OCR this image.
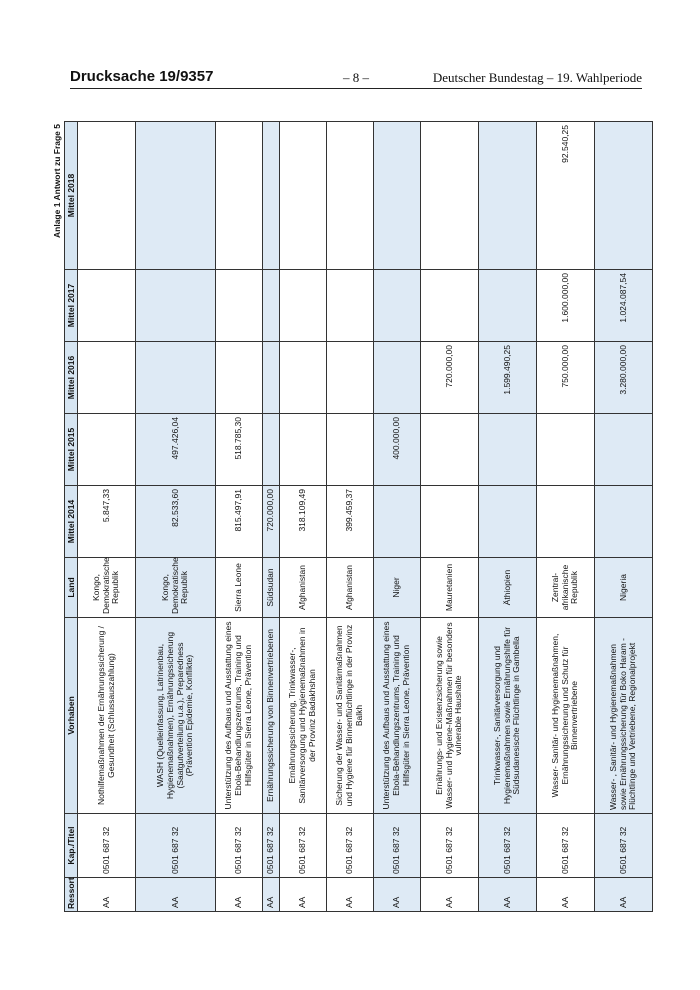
Drucksache 19/9357	– 8 –	Deutscher Bundestag – 19. Wahlperiode
Anlage 1 Antwort zu Frage 5
Ressort	Kap./Titel	Vorhaben	Land	Mittel 2014	Mittel 2015	Mittel 2016	Mittel 2017	Mittel 2018
AA	0501 687 32	Nothilfemaßnahmen der Ernährungssicherung / Gesundheit (Schlussauszahlung)	Kongo, Demokratische Republik	5.847,33				
AA	0501 687 32	WASH (Quelleinfassung, Latrinenbau, Hygienemaßnahmen), Ernährungssicherung (Saatgutverteilung u.a.), Preparedness (Prävention Epidemie, Konflikte)	Kongo, Demokratische Republik	82.533,60	497.426,04			
AA	0501 687 32	Unterstützung des Aufbaus und Ausstattung eines Ebola-Behandlungszentrums, Training und Hilfsgüter in Sierra Leone, Prävention	Sierra Leone	815.497,91	518.785,30			
AA	0501 687 32	Ernährungssicherung von Binnenvertriebenen	Südsudan	720.000,00				
AA	0501 687 32	Ernährungssicherung, Trinkwasser-, Sanitärversorgung und Hygienemaßnahmen in der Provinz Badakhshan	Afghanistan	318.109,49				
AA	0501 687 32	Sicherung der Wasser- und Sanitärmaßnahmen und Hygiene für Binnenflüchtlinge in der Provinz Balkh	Afghanistan	399.459,37				
AA	0501 687 32	Unterstützung des Aufbaus und Ausstattung eines Ebola-Behandlungszentrums, Training und Hilfsgüter in Sierra Leone, Prävention	Niger		400.000,00			
AA	0501 687 32	Ernährungs- und Existenzsicherung sowie Wasser- und Hygiene-Maßnahmen für besonders vulnerable Haushalte	Mauretanien			720.000,00		
AA	0501 687 32	Trinkwasser-, Sanitärversorgung und Hygienemaßnahmen sowie Ernährungshilfe für Südsudanesische Flüchtlinge in Gambella	Äthiopien			1.599.490,25		
AA	0501 687 32	Wasser- Sanitär- und Hygienemaßnahmen, Ernährungssicherung und Schutz für Binnenvertriebene	Zentral-afrikanische Republik			750.000,00	1.600.000,00	92.540,25
AA	0501 687 32	Wasser- , Sanitär- und Hygienemaßnahmen sowie Ernährungssicherung für Boko Haram -Flüchtlinge und Vertriebene, Regionalprojekt	Nigeria			3.280.000,00	1.024.087,54	
